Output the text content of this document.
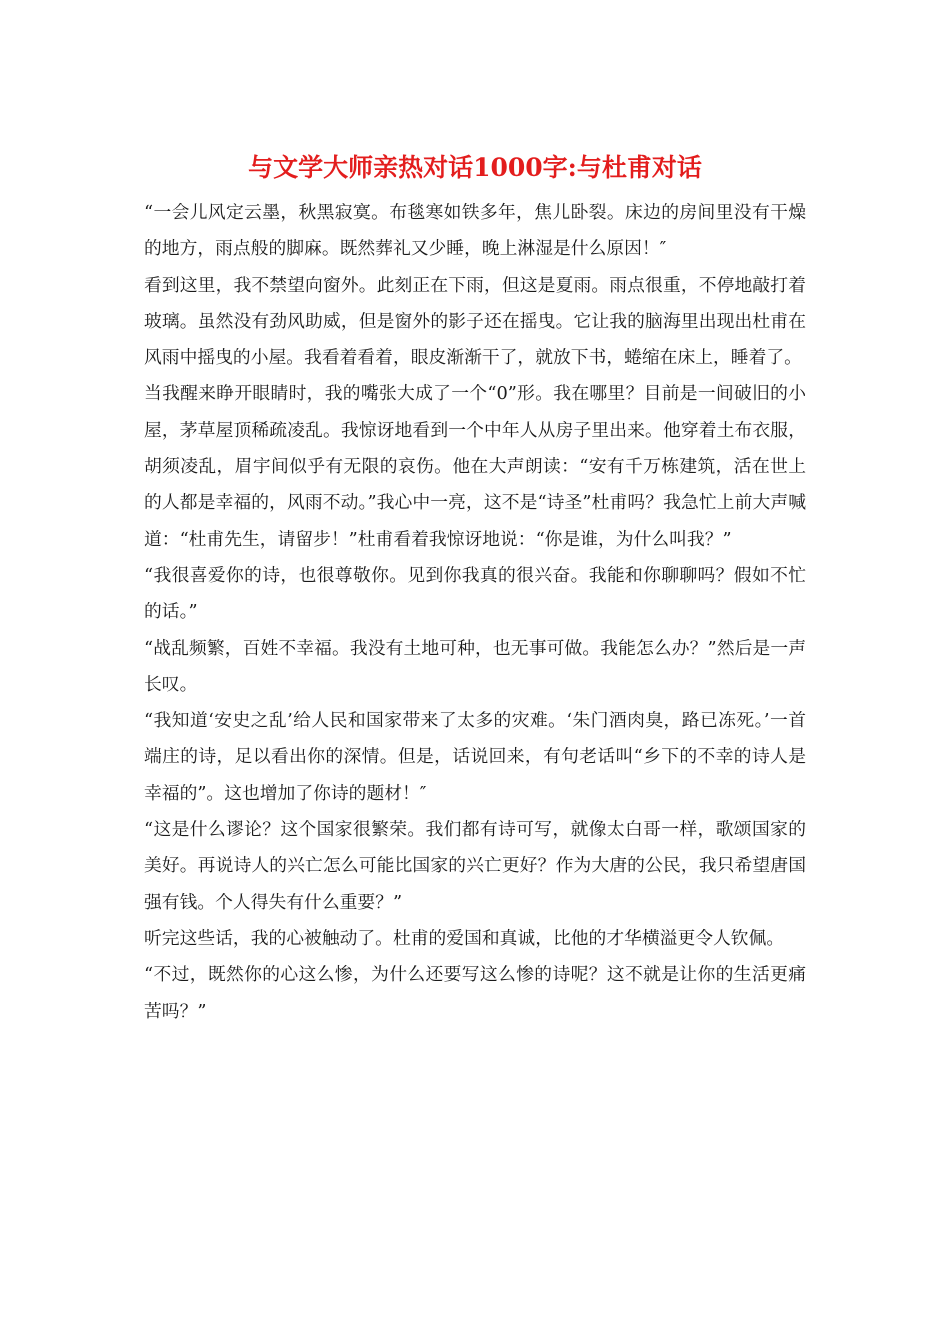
与文学大师亲热对话1000字:与杜甫对话

“一会儿风定云墨，秋黑寂寞。布毯寒如铁多年，焦儿卧裂。床边的房间里没有干燥的地方，雨点般的脚麻。既然葬礼又少睡，晚上淋湿是什么原因！″

看到这里，我不禁望向窗外。此刻正在下雨，但这是夏雨。雨点很重，不停地敲打着玻璃。虽然没有劲风助威，但是窗外的影子还在摇曳。它让我的脑海里出现出杜甫在风雨中摇曳的小屋。我看着看着，眼皮渐渐干了，就放下书，蜷缩在床上，睡着了。

当我醒来睁开眼睛时，我的嘴张大成了一个“0”形。我在哪里？目前是一间破旧的小屋，茅草屋顶稀疏凌乱。我惊讶地看到一个中年人从房子里出来。他穿着土布衣服，胡须凌乱，眉宇间似乎有无限的哀伤。他在大声朗读：“安有千万栋建筑，活在世上的人都是幸福的，风雨不动。”我心中一亮，这不是“诗圣”杜甫吗？我急忙上前大声喊道：“杜甫先生，请留步！”杜甫看着我惊讶地说：“你是谁，为什么叫我？”

“我很喜爱你的诗，也很尊敬你。见到你我真的很兴奋。我能和你聊聊吗？假如不忙的话。”

“战乱频繁，百姓不幸福。我没有土地可种，也无事可做。我能怎么办？”然后是一声长叹。

“我知道‘安史之乱’给人民和国家带来了太多的灾难。‘朱门酒肉臭，路已冻死。’一首端庄的诗，足以看出你的深情。但是，话说回来，有句老话叫“乡下的不幸的诗人是幸福的”。这也增加了你诗的题材！″

“这是什么谬论？这个国家很繁荣。我们都有诗可写，就像太白哥一样，歌颂国家的美好。再说诗人的兴亡怎么可能比国家的兴亡更好？作为大唐的公民，我只希望唐国强有钱。个人得失有什么重要？”

听完这些话，我的心被触动了。杜甫的爱国和真诚，比他的才华横溢更令人钦佩。

“不过，既然你的心这么惨，为什么还要写这么惨的诗呢？这不就是让你的生活更痛苦吗？”
